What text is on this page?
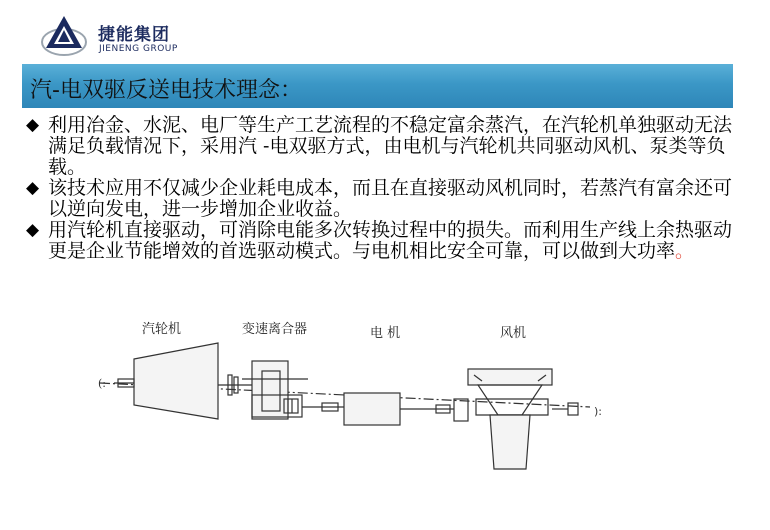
捷能集团
JIENENG GROUP
汽-电双驱反送电技术理念：
◆ 利用冶金、水泥、电厂等生产工艺流程的不稳定富余蒸汽，在汽轮机单独驱动无法满足负载情况下，采用汽 -电双驱方式，由电机与汽轮机共同驱动风机、泵类等负载。
◆ 该技术应用不仅减少企业耗电成本，而且在直接驱动风机同时，若蒸汽有富余还可以逆向发电，进一步增加企业收益。
◆ 用汽轮机直接驱动，可消除电能多次转换过程中的损失。而利用生产线上余热驱动更是企业节能增效的首选驱动模式。与电机相比安全可靠，可以做到大功率。
汽轮机	变速离合器	电 机	风机
(:
):
